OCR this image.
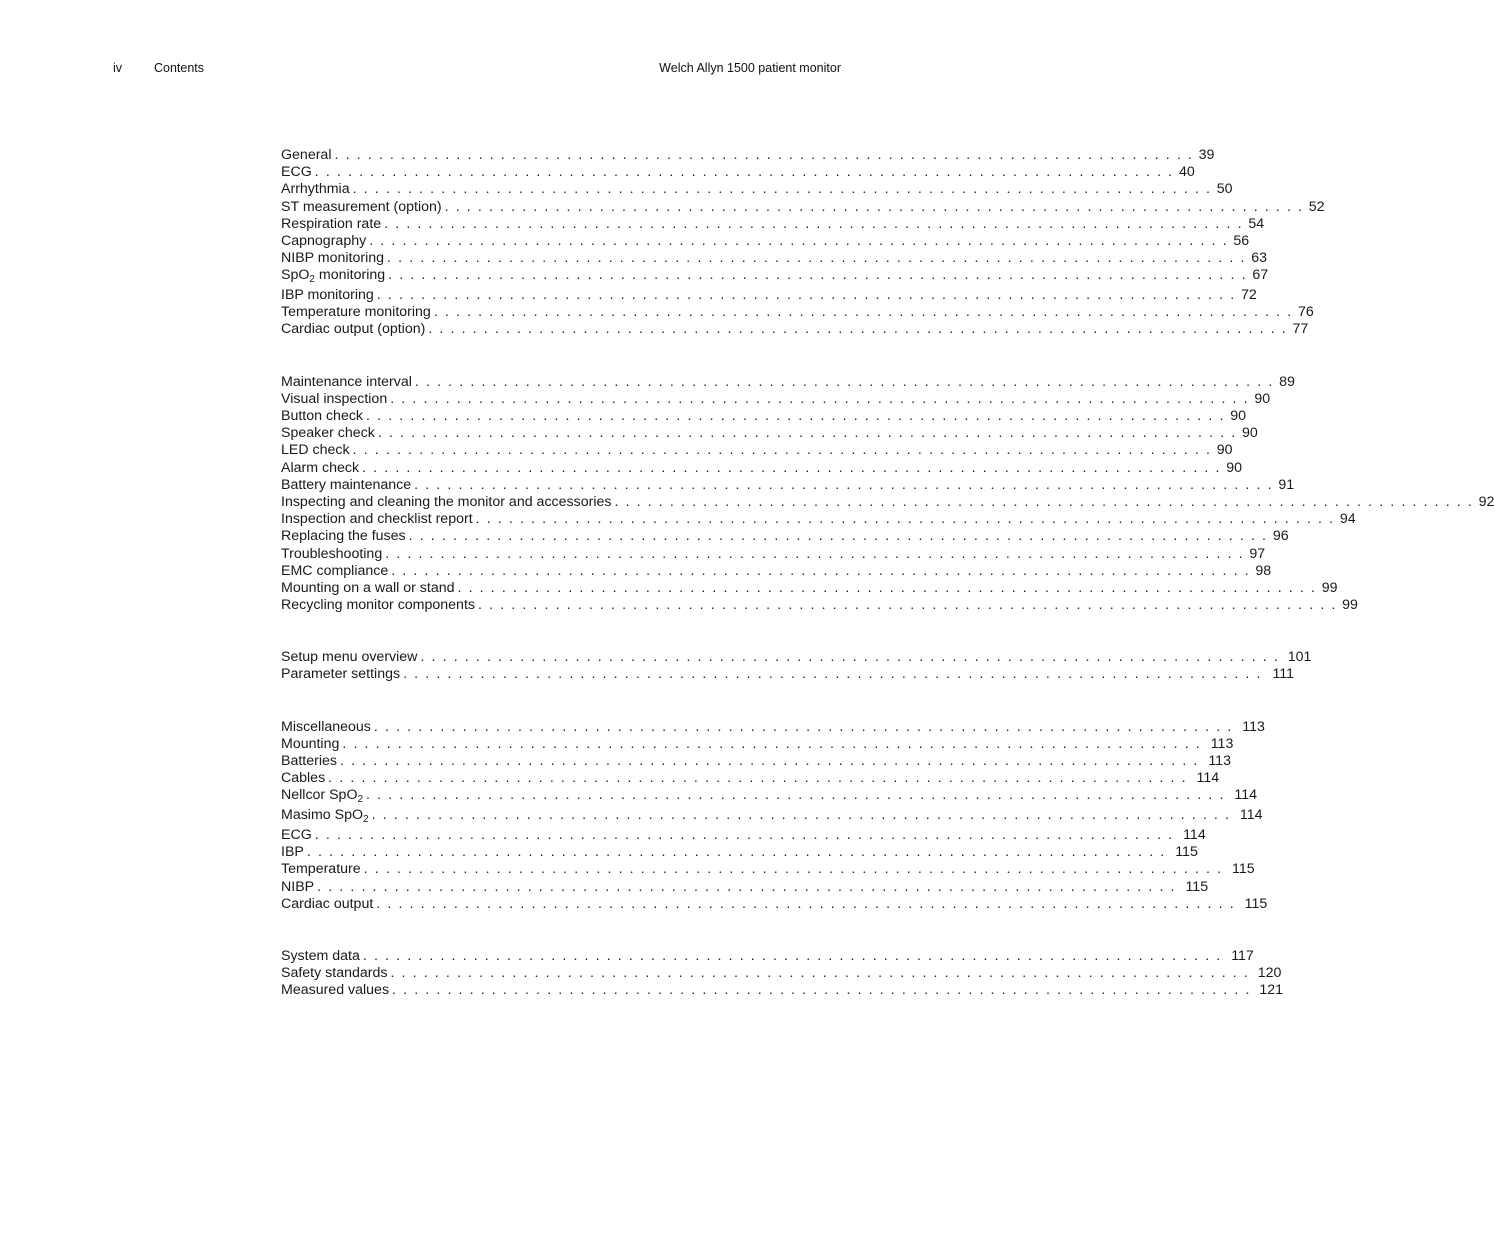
iv	Contents	Welch Allyn 1500 patient monitor
General . . . . . . . . . . . . . . . . . . . . . . . . . . . . . . . . . . . . . . . . . . . . . . . . . . . . . . . . . . . . . . . . . . . . . . . . . . . . . . 39
ECG . . . . . . . . . . . . . . . . . . . . . . . . . . . . . . . . . . . . . . . . . . . . . . . . . . . . . . . . . . . . . . . . . . . . . . . . . . . . . . 40
Arrhythmia . . . . . . . . . . . . . . . . . . . . . . . . . . . . . . . . . . . . . . . . . . . . . . . . . . . . . . . . . . . . . . . . . . . . . . . . . . . . . . 50
ST measurement (option) . . . . . . . . . . . . . . . . . . . . . . . . . . . . . . . . . . . . . . . . . . . . . . . . . . . . . . . . . . . . . . . . . . . . . . . . . . . . . . 52
Respiration rate . . . . . . . . . . . . . . . . . . . . . . . . . . . . . . . . . . . . . . . . . . . . . . . . . . . . . . . . . . . . . . . . . . . . . . . . . . . . . . 54
Capnography . . . . . . . . . . . . . . . . . . . . . . . . . . . . . . . . . . . . . . . . . . . . . . . . . . . . . . . . . . . . . . . . . . . . . . . . . . . . . . 56
NIBP monitoring . . . . . . . . . . . . . . . . . . . . . . . . . . . . . . . . . . . . . . . . . . . . . . . . . . . . . . . . . . . . . . . . . . . . . . . . . . . . . . 63
SpO$_2$ monitoring . . . . . . . . . . . . . . . . . . . . . . . . . . . . . . . . . . . . . . . . . . . . . . . . . . . . . . . . . . . . . . . . . . . . . . . . . . . . . . 67
IBP monitoring . . . . . . . . . . . . . . . . . . . . . . . . . . . . . . . . . . . . . . . . . . . . . . . . . . . . . . . . . . . . . . . . . . . . . . . . . . . . . . 72
Temperature monitoring . . . . . . . . . . . . . . . . . . . . . . . . . . . . . . . . . . . . . . . . . . . . . . . . . . . . . . . . . . . . . . . . . . . . . . . . . . . . . . 76
Cardiac output (option) . . . . . . . . . . . . . . . . . . . . . . . . . . . . . . . . . . . . . . . . . . . . . . . . . . . . . . . . . . . . . . . . . . . . . . . . . . . . . . 77
Maintenance interval . . . . . . . . . . . . . . . . . . . . . . . . . . . . . . . . . . . . . . . . . . . . . . . . . . . . . . . . . . . . . . . . . . . . . . . . . . . . . . 89
Visual inspection . . . . . . . . . . . . . . . . . . . . . . . . . . . . . . . . . . . . . . . . . . . . . . . . . . . . . . . . . . . . . . . . . . . . . . . . . . . . . . 90
Button check . . . . . . . . . . . . . . . . . . . . . . . . . . . . . . . . . . . . . . . . . . . . . . . . . . . . . . . . . . . . . . . . . . . . . . . . . . . . . . 90
Speaker check . . . . . . . . . . . . . . . . . . . . . . . . . . . . . . . . . . . . . . . . . . . . . . . . . . . . . . . . . . . . . . . . . . . . . . . . . . . . . . 90
LED check . . . . . . . . . . . . . . . . . . . . . . . . . . . . . . . . . . . . . . . . . . . . . . . . . . . . . . . . . . . . . . . . . . . . . . . . . . . . . . 90
Alarm check . . . . . . . . . . . . . . . . . . . . . . . . . . . . . . . . . . . . . . . . . . . . . . . . . . . . . . . . . . . . . . . . . . . . . . . . . . . . . . 90
Battery maintenance . . . . . . . . . . . . . . . . . . . . . . . . . . . . . . . . . . . . . . . . . . . . . . . . . . . . . . . . . . . . . . . . . . . . . . . . . . . . . . 91
Inspecting and cleaning the monitor and accessories . . . . . . . . . . . . . . . . . . . . . . . . . . . . . . . . . . . . . . . . . . . . . . . . . . . . . . . . . . . . . . . . . . . . . . . . . . . . . . 92
Inspection and checklist report . . . . . . . . . . . . . . . . . . . . . . . . . . . . . . . . . . . . . . . . . . . . . . . . . . . . . . . . . . . . . . . . . . . . . . . . . . . . . . 94
Replacing the fuses . . . . . . . . . . . . . . . . . . . . . . . . . . . . . . . . . . . . . . . . . . . . . . . . . . . . . . . . . . . . . . . . . . . . . . . . . . . . . . 96
Troubleshooting . . . . . . . . . . . . . . . . . . . . . . . . . . . . . . . . . . . . . . . . . . . . . . . . . . . . . . . . . . . . . . . . . . . . . . . . . . . . . . 97
EMC compliance . . . . . . . . . . . . . . . . . . . . . . . . . . . . . . . . . . . . . . . . . . . . . . . . . . . . . . . . . . . . . . . . . . . . . . . . . . . . . . 98
Mounting on a wall or stand . . . . . . . . . . . . . . . . . . . . . . . . . . . . . . . . . . . . . . . . . . . . . . . . . . . . . . . . . . . . . . . . . . . . . . . . . . . . . . 99
Recycling monitor components . . . . . . . . . . . . . . . . . . . . . . . . . . . . . . . . . . . . . . . . . . . . . . . . . . . . . . . . . . . . . . . . . . . . . . . . . . . . . . 99
Setup menu overview . . . . . . . . . . . . . . . . . . . . . . . . . . . . . . . . . . . . . . . . . . . . . . . . . . . . . . . . . . . . . . . . . . . . . . . . . . . . . . 101
Parameter settings . . . . . . . . . . . . . . . . . . . . . . . . . . . . . . . . . . . . . . . . . . . . . . . . . . . . . . . . . . . . . . . . . . . . . . . . . . . . . . 111
Miscellaneous . . . . . . . . . . . . . . . . . . . . . . . . . . . . . . . . . . . . . . . . . . . . . . . . . . . . . . . . . . . . . . . . . . . . . . . . . . . . . . 113
Mounting . . . . . . . . . . . . . . . . . . . . . . . . . . . . . . . . . . . . . . . . . . . . . . . . . . . . . . . . . . . . . . . . . . . . . . . . . . . . . . 113
Batteries . . . . . . . . . . . . . . . . . . . . . . . . . . . . . . . . . . . . . . . . . . . . . . . . . . . . . . . . . . . . . . . . . . . . . . . . . . . . . . 113
Cables . . . . . . . . . . . . . . . . . . . . . . . . . . . . . . . . . . . . . . . . . . . . . . . . . . . . . . . . . . . . . . . . . . . . . . . . . . . . . . 114
Nellcor SpO$_2$ . . . . . . . . . . . . . . . . . . . . . . . . . . . . . . . . . . . . . . . . . . . . . . . . . . . . . . . . . . . . . . . . . . . . . . . . . . . . . . 114
Masimo SpO$_2$ . . . . . . . . . . . . . . . . . . . . . . . . . . . . . . . . . . . . . . . . . . . . . . . . . . . . . . . . . . . . . . . . . . . . . . . . . . . . . . 114
ECG . . . . . . . . . . . . . . . . . . . . . . . . . . . . . . . . . . . . . . . . . . . . . . . . . . . . . . . . . . . . . . . . . . . . . . . . . . . . . . 114
IBP . . . . . . . . . . . . . . . . . . . . . . . . . . . . . . . . . . . . . . . . . . . . . . . . . . . . . . . . . . . . . . . . . . . . . . . . . . . . . . 115
Temperature . . . . . . . . . . . . . . . . . . . . . . . . . . . . . . . . . . . . . . . . . . . . . . . . . . . . . . . . . . . . . . . . . . . . . . . . . . . . . . 115
NIBP . . . . . . . . . . . . . . . . . . . . . . . . . . . . . . . . . . . . . . . . . . . . . . . . . . . . . . . . . . . . . . . . . . . . . . . . . . . . . . 115
Cardiac output . . . . . . . . . . . . . . . . . . . . . . . . . . . . . . . . . . . . . . . . . . . . . . . . . . . . . . . . . . . . . . . . . . . . . . . . . . . . . . 115
System data . . . . . . . . . . . . . . . . . . . . . . . . . . . . . . . . . . . . . . . . . . . . . . . . . . . . . . . . . . . . . . . . . . . . . . . . . . . . . . 117
Safety standards . . . . . . . . . . . . . . . . . . . . . . . . . . . . . . . . . . . . . . . . . . . . . . . . . . . . . . . . . . . . . . . . . . . . . . . . . . . . . . 120
Measured values . . . . . . . . . . . . . . . . . . . . . . . . . . . . . . . . . . . . . . . . . . . . . . . . . . . . . . . . . . . . . . . . . . . . . . . . . . . . . . 121
